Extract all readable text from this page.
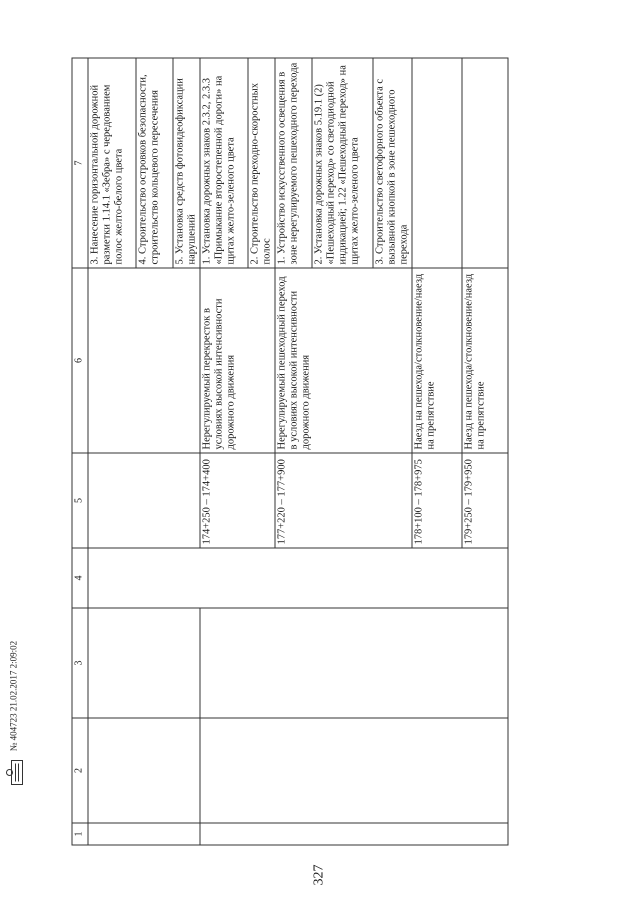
327
1	2	3	4	5	6	7
						3. Нанесение горизонтальной дорожной разметки 1.14.1 «Зебра» с чередованием полос желто-белого цвета
						4. Строительство островков безопасности, строительство кольцевого пересечения
						5. Установка средств фотовидеофиксации нарушений
				174+250 – 174+400	Нерегулируемый перекресток в условиях высокой интенсивности дорожного движения	1. Установка дорожных знаков 2.3.2, 2.3.3 «Примыкание второстепенной дороги» на щитах желто-зеленого цвета
						2. Строительство переходно-скоростных полос
				177+220 – 177+900	Нерегулируемый пешеходный переход в условиях высокой интенсивности дорожного движения	1. Устройство искусственного освещения в зоне нерегулируемого пешеходного перехода
						2. Установка дорожных знаков 5.19.1 (2) «Пешеходный переход» со светодиодной индикацией; 1.22 «Пешеходный переход» на щитах желто-зеленого цвета
						3. Строительство светофорного объекта с вызывной кнопкой в зоне пешеходного перехода
				178+100 – 178+975	Наезд на пешехода/столкновение/наезд на препятствие	
				179+250 – 179+950	Наезд на пешехода/столкновение/наезд на препятствие	
№ 404723 21.02.2017 2:09:02
